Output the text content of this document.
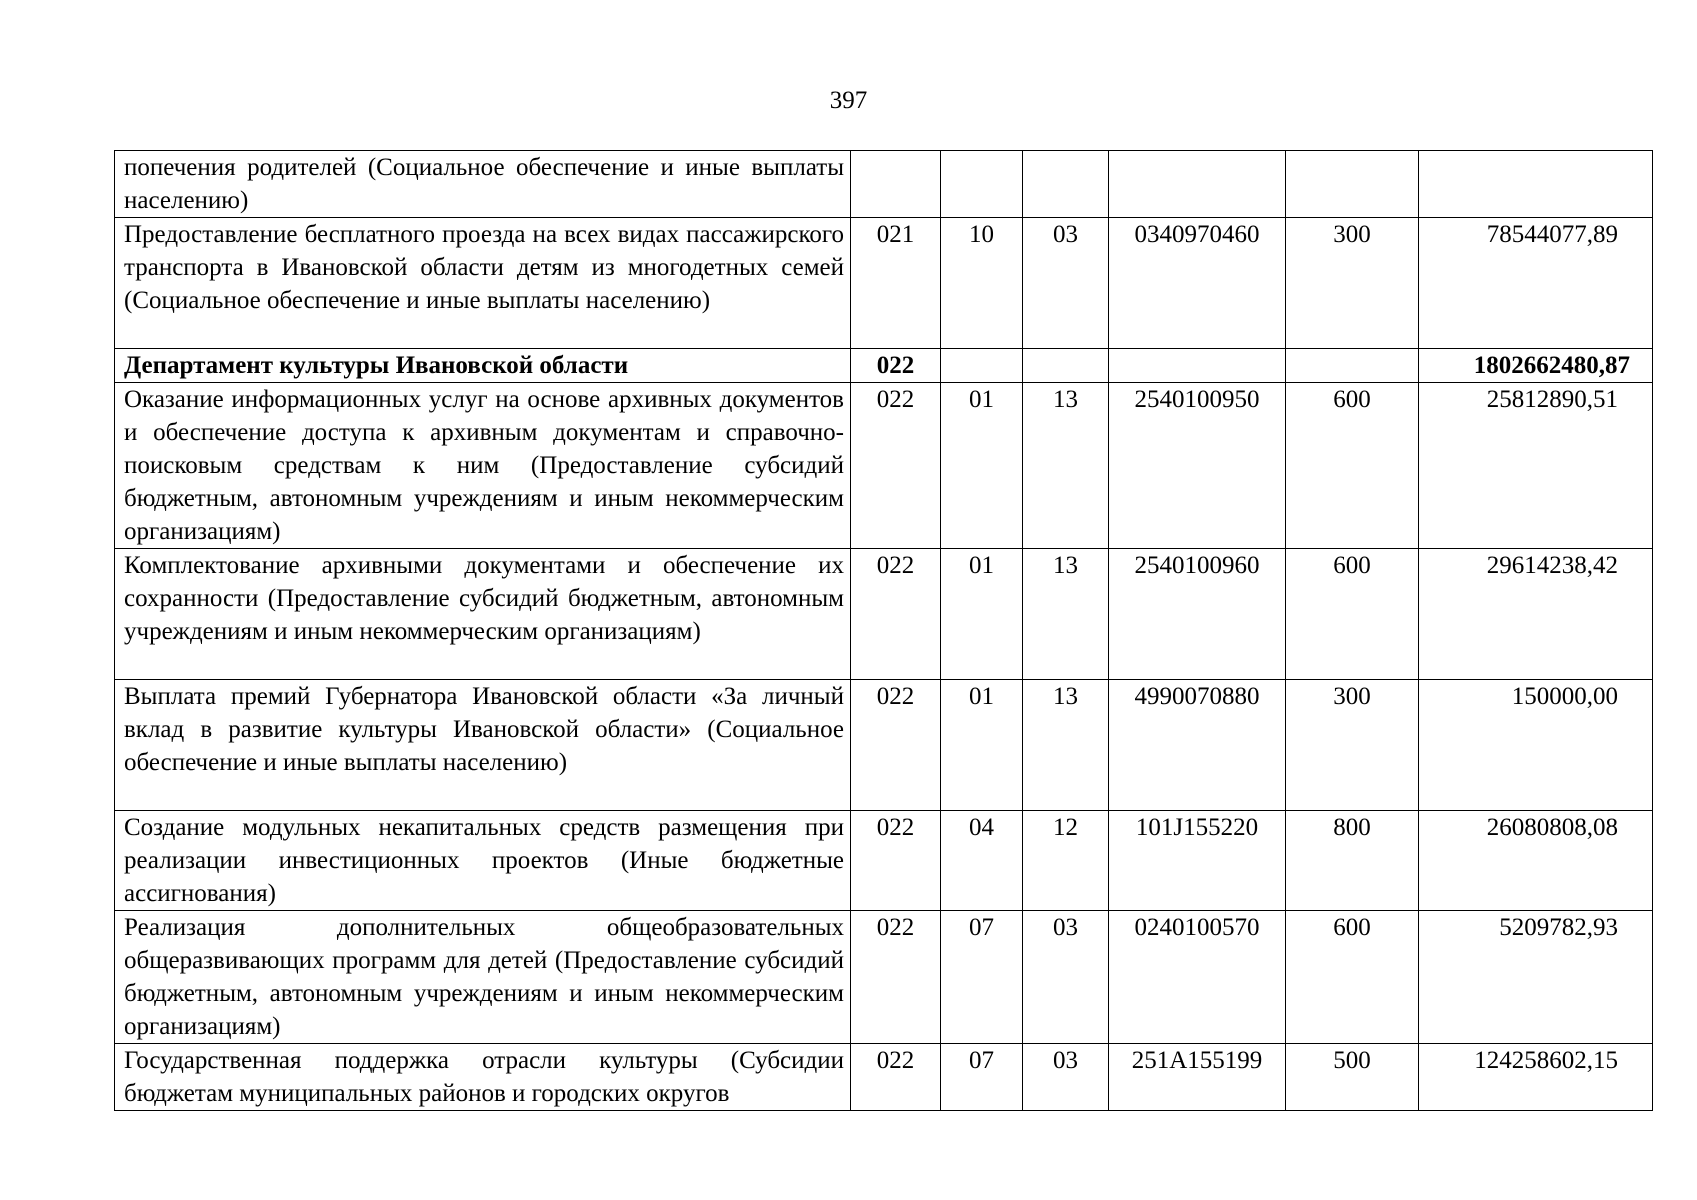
397
попечения родителей (Социальное обеспечение и иные выплаты населению)						
Предоставление бесплатного проезда на всех видах пассажирского транспорта в Ивановской области детям из многодетных семей (Социальное обеспечение и иные выплаты населению)	021	10	03	0340970460	300	78544077,89
Департамент культуры Ивановской области	022					1802662480,87
Оказание информационных услуг на основе архивных документов и обеспечение доступа к архивным документам и справочно-поисковым средствам к ним (Предоставление субсидий бюджетным, автономным учреждениям и иным некоммерческим организациям)	022	01	13	2540100950	600	25812890,51
Комплектование архивными документами и обеспечение их сохранности (Предоставление субсидий бюджетным, автономным учреждениям и иным некоммерческим организациям)	022	01	13	2540100960	600	29614238,42
Выплата премий Губернатора Ивановской области «За личный вклад в развитие культуры Ивановской области» (Социальное обеспечение и иные выплаты населению)	022	01	13	4990070880	300	150000,00
Создание модульных некапитальных средств размещения при реализации инвестиционных проектов (Иные бюджетные ассигнования)	022	04	12	101J155220	800	26080808,08
Реализация дополнительных общеобразовательных общеразвивающих программ для детей (Предоставление субсидий бюджетным, автономным учреждениям и иным некоммерческим организациям)	022	07	03	0240100570	600	5209782,93
Государственная поддержка отрасли культуры (Субсидии бюджетам муниципальных районов и городских округов	022	07	03	251A155199	500	124258602,15
